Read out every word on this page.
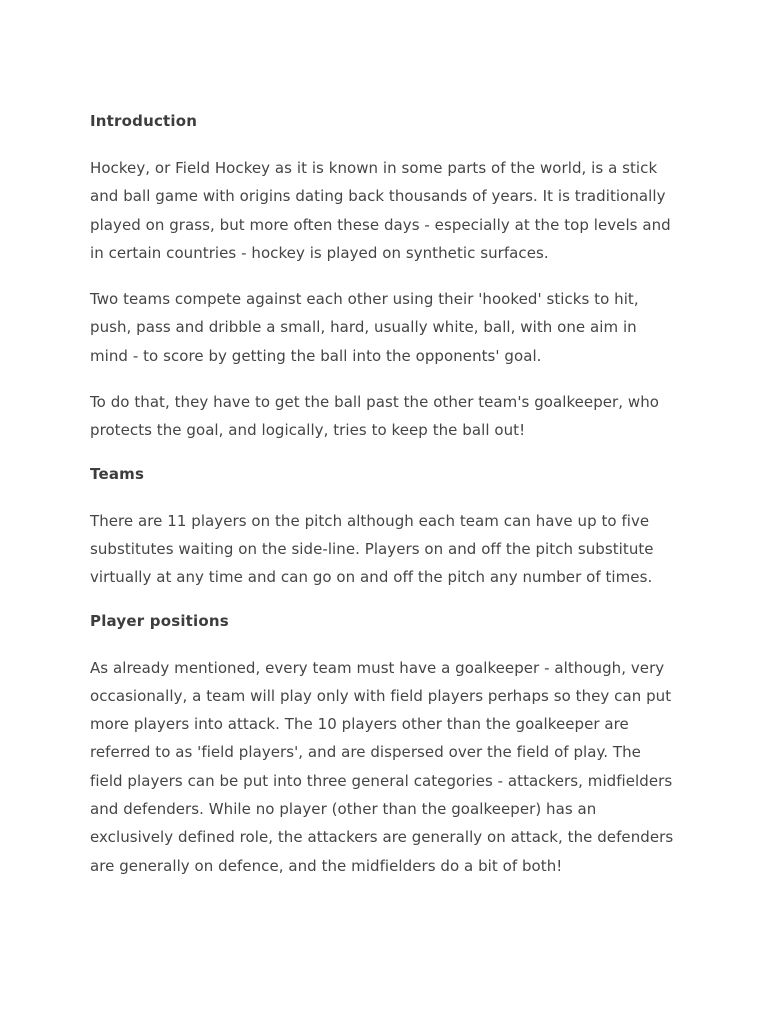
Introduction

Hockey, or Field Hockey as it is known in some parts of the world, is a stick
and ball game with origins dating back thousands of years. It is traditionally
played on grass, but more often these days - especially at the top levels and
in certain countries - hockey is played on synthetic surfaces.

Two teams compete against each other using their 'hooked' sticks to hit,
push, pass and dribble a small, hard, usually white, ball, with one aim in
mind - to score by getting the ball into the opponents' goal.

To do that, they have to get the ball past the other team's goalkeeper, who
protects the goal, and logically, tries to keep the ball out!

Teams

There are 11 players on the pitch although each team can have up to five
substitutes waiting on the side-line. Players on and off the pitch substitute
virtually at any time and can go on and off the pitch any number of times.

Player positions

As already mentioned, every team must have a goalkeeper - although, very
occasionally, a team will play only with field players perhaps so they can put
more players into attack. The 10 players other than the goalkeeper are
referred to as 'field players', and are dispersed over the field of play. The
field players can be put into three general categories - attackers, midfielders
and defenders. While no player (other than the goalkeeper) has an
exclusively defined role, the attackers are generally on attack, the defenders
are generally on defence, and the midfielders do a bit of both!
